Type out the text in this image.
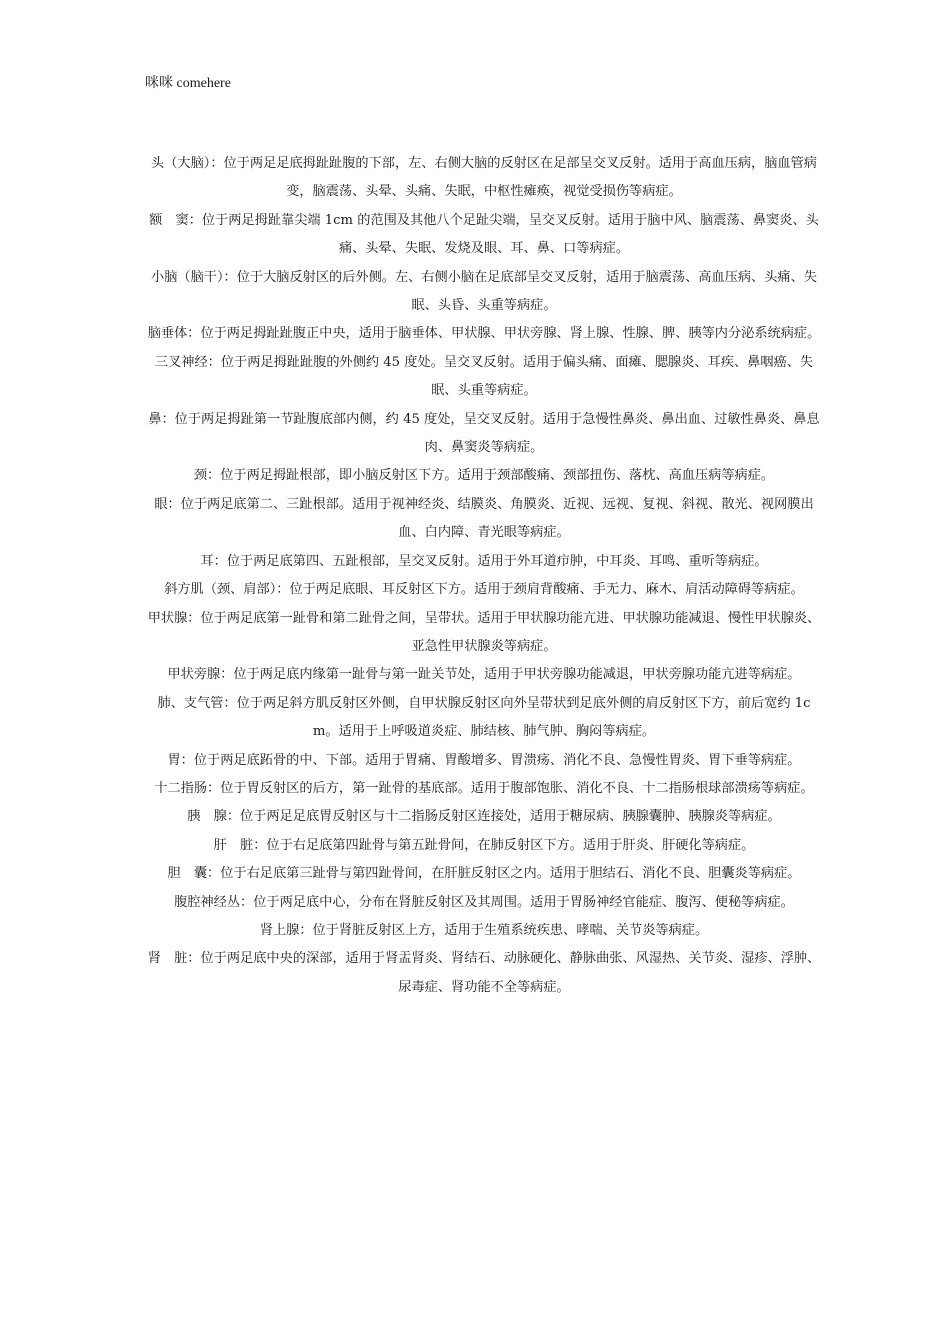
咪咪 comehere

头（大脑）：位于两足足底拇趾趾腹的下部，左、右侧大脑的反射区在足部呈交叉反射。适用于高血压病，脑血管病变，脑震荡、头晕、头痛、失眠，中枢性瘫痪，视觉受损伤等病症。

额　窦：位于两足拇趾靠尖端 1cm 的范围及其他八个足趾尖端，呈交叉反射。适用于脑中风、脑震荡、鼻窦炎、头痛、头晕、失眠、发烧及眼、耳、鼻、口等病症。

小脑（脑干）：位于大脑反射区的后外侧。左、右侧小脑在足底部呈交叉反射，适用于脑震荡、高血压病、头痛、失眠、头昏、头重等病症。

脑垂体：位于两足拇趾趾腹正中央，适用于脑垂体、甲状腺、甲状旁腺、肾上腺、性腺、脾、胰等内分泌系统病症。

三叉神经：位于两足拇趾趾腹的外侧约 45 度处。呈交叉反射。适用于偏头痛、面瘫、腮腺炎、耳疾、鼻咽癌、失眠、头重等病症。

鼻：位于两足拇趾第一节趾腹底部内侧，约 45 度处，呈交叉反射。适用于急慢性鼻炎、鼻出血、过敏性鼻炎、鼻息肉、鼻窦炎等病症。

颈：位于两足拇趾根部，即小脑反射区下方。适用于颈部酸痛、颈部扭伤、落枕、高血压病等病症。

眼：位于两足底第二、三趾根部。适用于视神经炎、结膜炎、角膜炎、近视、远视、复视、斜视、散光、视网膜出血、白内障、青光眼等病症。

耳：位于两足底第四、五趾根部，呈交叉反射。适用于外耳道疖肿，中耳炎、耳鸣、重听等病症。

斜方肌（颈、肩部）：位于两足底眼、耳反射区下方。适用于颈肩背酸痛、手无力、麻木、肩活动障碍等病症。

甲状腺：位于两足底第一趾骨和第二趾骨之间，呈带状。适用于甲状腺功能亢进、甲状腺功能减退、慢性甲状腺炎、亚急性甲状腺炎等病症。

甲状旁腺：位于两足底内缘第一趾骨与第一趾关节处，适用于甲状旁腺功能减退，甲状旁腺功能亢进等病症。

肺、支气管：位于两足斜方肌反射区外侧，自甲状腺反射区向外呈带状到足底外侧的肩反射区下方，前后宽约 1cm。适用于上呼吸道炎症、肺结核、肺气肿、胸闷等病症。

胃：位于两足底跖骨的中、下部。适用于胃痛、胃酸增多、胃溃疡、消化不良、急慢性胃炎、胃下垂等病症。

十二指肠：位于胃反射区的后方，第一趾骨的基底部。适用于腹部饱胀、消化不良、十二指肠根球部溃疡等病症。

胰　腺：位于两足足底胃反射区与十二指肠反射区连接处，适用于糖尿病、胰腺囊肿、胰腺炎等病症。

肝　脏：位于右足底第四趾骨与第五趾骨间，在肺反射区下方。适用于肝炎、肝硬化等病症。

胆　囊：位于右足底第三趾骨与第四趾骨间，在肝脏反射区之内。适用于胆结石、消化不良、胆囊炎等病症。

腹腔神经丛：位于两足底中心，分布在肾脏反射区及其周围。适用于胃肠神经官能症、腹泻、便秘等病症。

肾上腺：位于肾脏反射区上方，适用于生殖系统疾患、哮喘、关节炎等病症。

肾　脏：位于两足底中央的深部，适用于肾盂肾炎、肾结石、动脉硬化、静脉曲张、风湿热、关节炎、湿疹、浮肿、尿毒症、肾功能不全等病症。
